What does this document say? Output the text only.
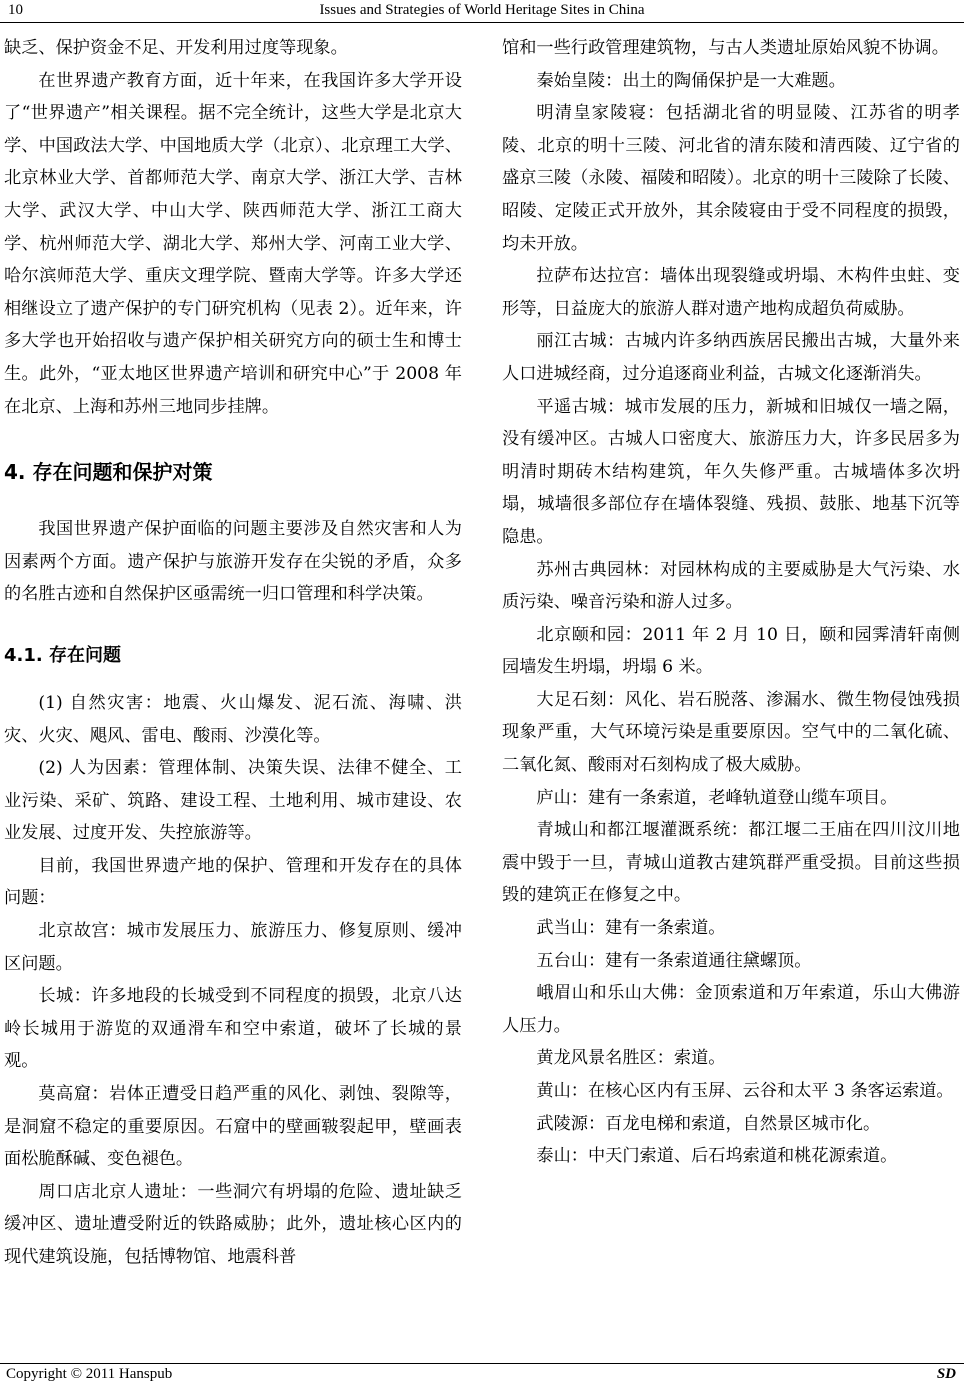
10	Issues and Strategies of World Heritage Sites in China

缺乏、保护资金不足、开发利用过度等现象。

在世界遗产教育方面，近十年来，在我国许多大学开设了“世界遗产”相关课程。据不完全统计，这些大学是北京大学、中国政法大学、中国地质大学（北京）、北京理工大学、北京林业大学、首都师范大学、南京大学、浙江大学、吉林大学、武汉大学、中山大学、陕西师范大学、浙江工商大学、杭州师范大学、湖北大学、郑州大学、河南工业大学、哈尔滨师范大学、重庆文理学院、暨南大学等。许多大学还相继设立了遗产保护的专门研究机构（见表 2）。近年来，许多大学也开始招收与遗产保护相关研究方向的硕士生和博士生。此外，“亚太地区世界遗产培训和研究中心”于 2008 年在北京、上海和苏州三地同步挂牌。

4. 存在问题和保护对策

我国世界遗产保护面临的问题主要涉及自然灾害和人为因素两个方面。遗产保护与旅游开发存在尖锐的矛盾，众多的名胜古迹和自然保护区亟需统一归口管理和科学决策。

4.1. 存在问题

(1) 自然灾害：地震、火山爆发、泥石流、海啸、洪灾、火灾、飓风、雷电、酸雨、沙漠化等。

(2) 人为因素：管理体制、决策失误、法律不健全、工业污染、采矿、筑路、建设工程、土地利用、城市建设、农业发展、过度开发、失控旅游等。

目前，我国世界遗产地的保护、管理和开发存在的具体问题：

北京故宫：城市发展压力、旅游压力、修复原则、缓冲区问题。

长城：许多地段的长城受到不同程度的损毁，北京八达岭长城用于游览的双通滑车和空中索道，破坏了长城的景观。

莫高窟：岩体正遭受日趋严重的风化、剥蚀、裂隙等，是洞窟不稳定的重要原因。石窟中的壁画皲裂起甲，壁画表面松脆酥碱、变色褪色。

周口店北京人遗址：一些洞穴有坍塌的危险、遗址缺乏缓冲区、遗址遭受附近的铁路威胁；此外，遗址核心区内的现代建筑设施，包括博物馆、地震科普

馆和一些行政管理建筑物，与古人类遗址原始风貌不协调。

秦始皇陵：出土的陶俑保护是一大难题。

明清皇家陵寝：包括湖北省的明显陵、江苏省的明孝陵、北京的明十三陵、河北省的清东陵和清西陵、辽宁省的盛京三陵（永陵、福陵和昭陵）。北京的明十三陵除了长陵、昭陵、定陵正式开放外，其余陵寝由于受不同程度的损毁，均未开放。

拉萨布达拉宫：墙体出现裂缝或坍塌、木构件虫蛀、变形等，日益庞大的旅游人群对遗产地构成超负荷威胁。

丽江古城：古城内许多纳西族居民搬出古城，大量外来人口进城经商，过分追逐商业利益，古城文化逐渐消失。

平遥古城：城市发展的压力，新城和旧城仅一墙之隔，没有缓冲区。古城人口密度大、旅游压力大，许多民居多为明清时期砖木结构建筑，年久失修严重。古城墙体多次坍塌，城墙很多部位存在墙体裂缝、残损、鼓胀、地基下沉等隐患。

苏州古典园林：对园林构成的主要威胁是大气污染、水质污染、噪音污染和游人过多。

北京颐和园：2011 年 2 月 10 日，颐和园霁清轩南侧园墙发生坍塌，坍塌 6 米。

大足石刻：风化、岩石脱落、渗漏水、微生物侵蚀残损现象严重，大气环境污染是重要原因。空气中的二氧化硫、二氧化氮、酸雨对石刻构成了极大威胁。

庐山：建有一条索道，老峰轨道登山缆车项目。

青城山和都江堰灌溉系统：都江堰二王庙在四川汶川地震中毁于一旦，青城山道教古建筑群严重受损。目前这些损毁的建筑正在修复之中。

武当山：建有一条索道。

五台山：建有一条索道通往黛螺顶。

峨眉山和乐山大佛：金顶索道和万年索道，乐山大佛游人压力。

黄龙风景名胜区：索道。

黄山：在核心区内有玉屏、云谷和太平 3 条客运索道。

武陵源：百龙电梯和索道，自然景区城市化。

泰山：中天门索道、后石坞索道和桃花源索道。

Copyright © 2011 Hanspub	SD
